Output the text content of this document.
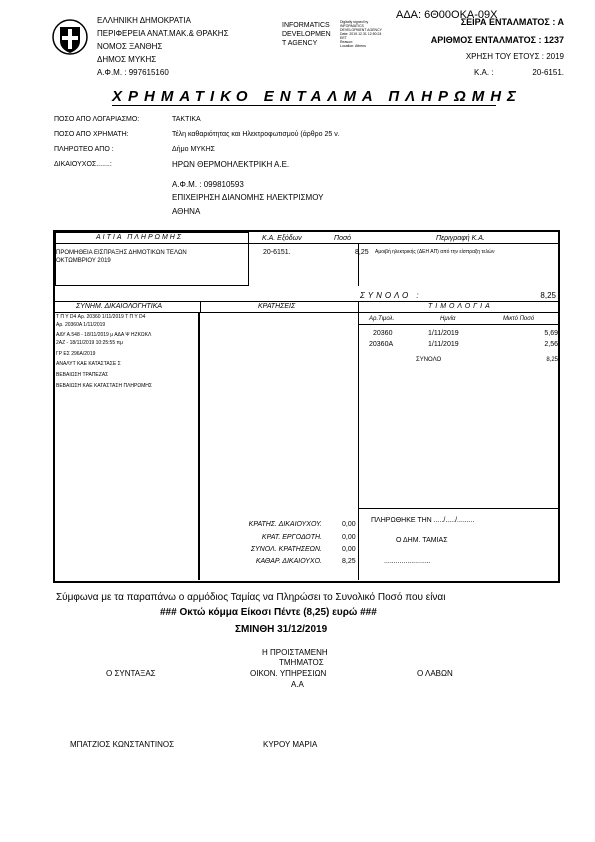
ΕΛΛΗΝΙΚΗ ΔΗΜΟΚΡΑΤΙΑ
ΠΕΡΙΦΕΡΕΙΑ ΑΝΑΤ.ΜΑΚ.& ΘΡΑΚΗΣ
ΝΟΜΟΣ ΞΑΝΘΗΣ
ΔΗΜΟΣ ΜΥΚΗΣ
Α.Φ.Μ. : 997615160
INFORMATICS
DEVELOPMEN
T AGENCY
Digitally signed by
INFORMATICS
DEVELOPMENT AGENCY
Date: 2019.12.31 12:50:24
EET
Reason:
Location: Athens
ΑΔΑ: 6Θ00ΟΚΑ-09Χ
ΣΕΙΡΑ ΕΝΤΑΛΜΑΤΟΣ : Α
ΑΡΙΘΜΟΣ ΕΝΤΑΛΜΑΤΟΣ : 1237
ΧΡΗΣΗ ΤΟΥ ΕΤΟΥΣ : 2019
Κ.Α. :	20-6151.
ΧΡΗΜΑΤΙΚΟ ΕΝΤΑΛΜΑ ΠΛΗΡΩΜΗΣ
ΠΟΣΟ ΑΠΟ ΛΟΓΑΡΙΑΣΜΟ:	ΤΑΚΤΙΚΑ
ΠΟΣΟ ΑΠΟ ΧΡΗΜΑΤΗ:	Τέλη καθαριότητας και Ηλεκτροφωτισμού (άρθρο 25 ν.
ΠΛΗΡΩΤΕΟ ΑΠΟ :	Δήμο ΜΥΚΗΣ
ΔΙΚΑΙΟΥΧΟΣ.......:	ΗΡΩΝ ΘΕΡΜΟΗΛΕΚΤΡΙΚΗ Α.Ε.
Α.Φ.Μ. : 099810593
ΕΠΙΧΕΙΡΗΣΗ ΔΙΑΝΟΜΗΣ ΗΛΕΚΤΡΙΣΜΟΥ
ΑΘΗΝΑ
ΑΙΤΙΑ ΠΛΗΡΩΜΗΣ
ΠΡΟΜΗΘΕΙΑ ΕΙΣΠΡΑΞΗΣ ΔΗΜΟΤΙΚΩΝ ΤΕΛΩΝ
ΟΚΤΩΜΒΡΙΟΥ 2019
Κ.Α. Εξόδων	Ποσό	Περιγραφή Κ.Α.
20-6151.	8,25 Αμοιβή ηλεκτρικής (ΔΕΗ ΑΠ) από την είσπραξη τελών
ΣΥΝΟΛΟ :	8,25
ΣΥΝΗΜ. ΔΙΚΑΙΟΛΟΓΗΤΙΚΑ	ΚΡΑΤΗΣΕΙΣ	ΤΙΜΟΛΟΓΙΑ
Τ Π Υ D4 Αρ. 20360 1/11/2019 Τ Π Υ D4
Αρ. 20360Α 1/11/2019
ΑΔΥ Α.548 - 18/11/2019 μ ΑΔΑ Ψ ΗΖΚΩΚΛ
2ΑΖ - 18/11/2019 10:25:55 πμ
ΓΡ ΕΣ 296Α/2019
ΑΝΑΛΥΤ ΚΑΕ ΚΑΤΑΣΤΑΣΕ Σ
ΒΕΒΑΙΩΣΗ ΤΡΑΠΕΖΑΣ
ΒΕΒΑΙΩΣΗ ΚΑΕ ΚΑΤΑΣΤΑΣΗ ΠΛΗΡΩΜΗΣ
Αρ.Τιμολ.	Ημνία	Μικτό Ποσό
20360	1/11/2019	5,69
20360Α	1/11/2019	2,56
ΣΥΝΟΛΟ	8,25
ΚΡΑΤΗΣ. ΔΙΚΑΙΟΥΧΟΥ.	0,00
ΚΡΑΤ. ΕΡΓΟΔΟΤΗ.	0,00
ΣΥΝΟΛ. ΚΡΑΤΗΣΕΩΝ.	0,00
ΚΑΘΑΡ. ΔΙΚΑΙΟΥΧΟ.	8,25
ΠΛΗΡΩΘΗΚΕ ΤΗΝ ...../...../.........
Ο ΔΗΜ. ΤΑΜΙΑΣ
........................
Σύμφωνα με τα παραπάνω ο αρμόδιος Ταμίας να Πληρώσει το Συνολικό Ποσό που είναι
### Οκτώ κόμμα Είκοσι Πέντε (8,25) ευρώ ###
ΣΜΙΝΘΗ 31/12/2019
Ο ΣΥΝΤΑΞΑΣ
Η ΠΡΟΙΣΤΑΜΕΝΗ
ΤΜΗΜΑΤΟΣ
ΟΙΚΟΝ. ΥΠΗΡΕΣΙΩΝ
Α.Α
Ο ΛΑΒΩΝ
ΜΠΑΤΖΙΟΣ ΚΩΝΣΤΑΝΤΙΝΟΣ	ΚΥΡΟΥ ΜΑΡΙΑ
